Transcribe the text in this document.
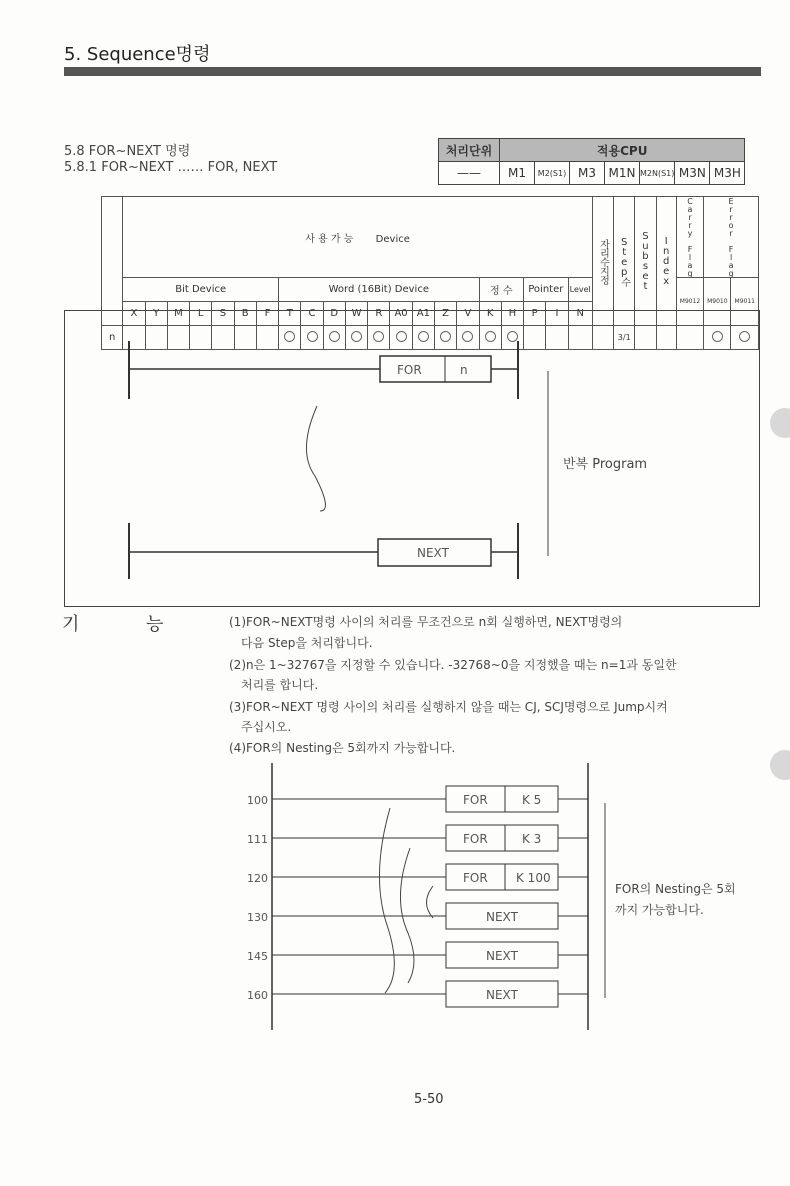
5. Sequence명령
5.8 FOR~NEXT 명령
5.8.1 FOR~NEXT …… FOR, NEXT
처리단위	적용CPU						
——	M1	M2(S1)	M3	M1N	M2N(S1)	M3N	M3H
	사 용 가 능 Device																					자리수지정	Step수	Subset	Index	Carry Flag	Error Flag	
	Bit Device							Word (16Bit) Device									정 수		Pointer		Level					M9012	M9010	M9011
	X	Y	M	L	S	B	F	T	C	D	W	R	A0	A1	Z	V	K	H	P	I	N							
n																							3/1					
FOR	n
반복 Program
NEXT
기	능	(1)FOR~NEXT명령 사이의 처리를 무조건으로 n회 실행하면, NEXT명령의
다음 Step을 처리합니다.
(2)n은 1~32767을 지정할 수 있습니다. -32768~0을 지정했을 때는 n=1과 동일한
처리를 합니다.
(3)FOR~NEXT 명령 사이의 처리를 실행하지 않을 때는 CJ, SCJ명령으로 Jump시켜
주십시오.
(4)FOR의 Nesting은 5회까지 가능합니다.
100	FOR	K 5
111	FOR	K 3
120	FOR K 100
130	NEXT
145	NEXT
160	NEXT
FOR의 Nesting은 5회
까지 가능합니다.
5-50
